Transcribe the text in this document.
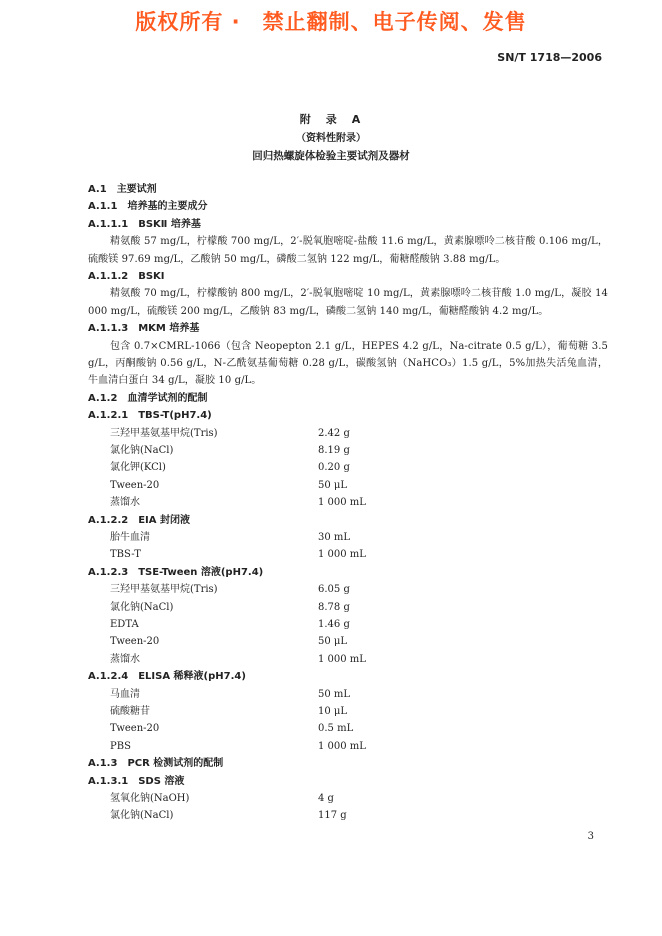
版权所有 ·　禁止翻制、电子传阅、发售
SN/T 1718—2006
附　录　A
（资料性附录）
回归热螺旋体检验主要试剂及器材
A.1 主要试剂
A.1.1 培养基的主要成分
A.1.1.1 BSKⅡ 培养基
精氨酸 57 mg/L，柠檬酸 700 mg/L，2′-脱氧胞嘧啶-盐酸 11.6 mg/L，黄素腺嘌呤二核苷酸 0.106 mg/L，硫酸镁 97.69 mg/L，乙酸钠 50 mg/L，磷酸二氢钠 122 mg/L，葡糖醛酸钠 3.88 mg/L。
A.1.1.2 BSKⅠ
精氨酸 70 mg/L，柠檬酸钠 800 mg/L，2′-脱氧胞嘧啶 10 mg/L，黄素腺嘌呤二核苷酸 1.0 mg/L，凝胶 14 000 mg/L，硫酸镁 200 mg/L，乙酸钠 83 mg/L，磷酸二氢钠 140 mg/L，葡糖醛酸钠 4.2 mg/L。
A.1.1.3 MKM 培养基
包含 0.7×CMRL-1066（包含 Neopepton 2.1 g/L，HEPES 4.2 g/L，Na-citrate 0.5 g/L），葡萄糖 3.5 g/L，丙酮酸钠 0.56 g/L，N-乙酰氨基葡萄糖 0.28 g/L，碳酸氢钠（NaHCO₃）1.5 g/L，5%加热失活兔血清，牛血清白蛋白 34 g/L，凝胶 10 g/L。
A.1.2 血清学试剂的配制
A.1.2.1 TBS-T(pH7.4)
三羟甲基氨基甲烷(Tris)	2.42 g
氯化钠(NaCl)	8.19 g
氯化钾(KCl)	0.20 g
Tween-20	50 μL
蒸馏水	1 000 mL
A.1.2.2 EIA 封闭液
胎牛血清	30 mL
TBS-T	1 000 mL
A.1.2.3 TSE-Tween 溶液(pH7.4)
三羟甲基氨基甲烷(Tris)	6.05 g
氯化钠(NaCl)	8.78 g
EDTA	1.46 g
Tween-20	50 μL
蒸馏水	1 000 mL
A.1.2.4 ELISA 稀释液(pH7.4)
马血清	50 mL
硫酸糖苷	10 μL
Tween-20	0.5 mL
PBS	1 000 mL
A.1.3 PCR 检测试剂的配制
A.1.3.1 SDS 溶液
氢氧化钠(NaOH)	4 g
氯化钠(NaCl)	117 g
3
